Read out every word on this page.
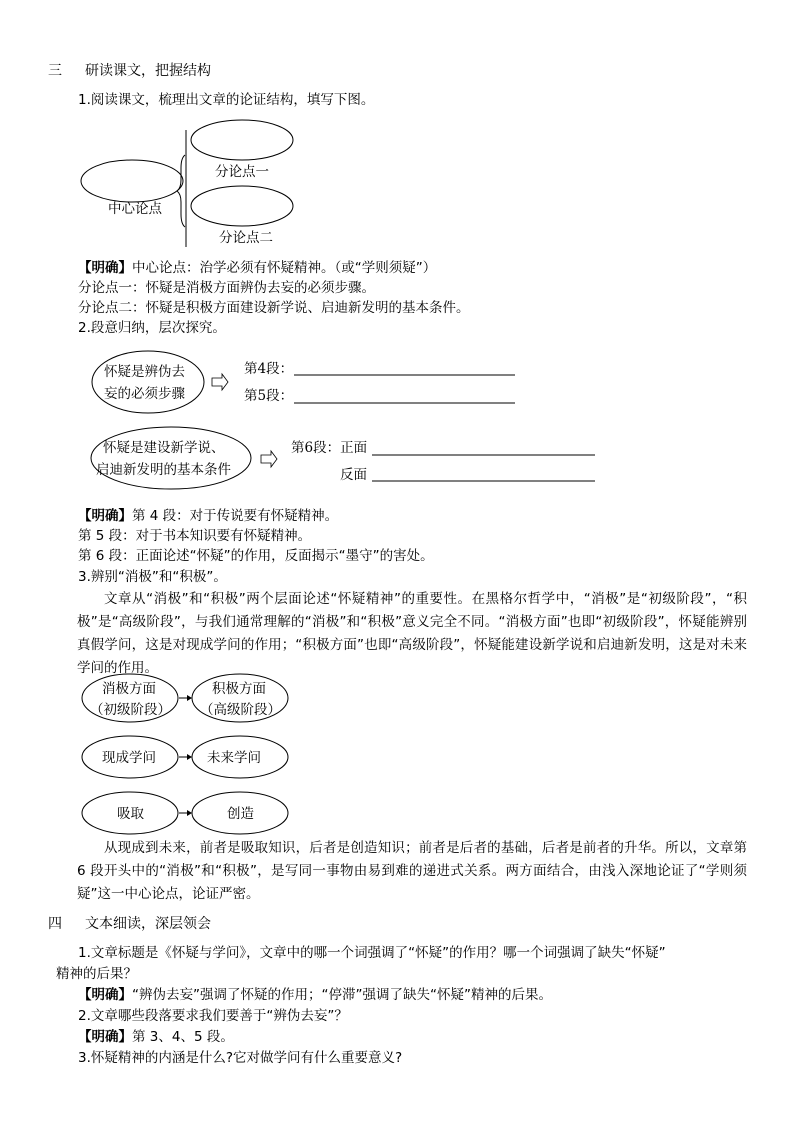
三 研读课文，把握结构
1.阅读课文，梳理出文章的论证结构，填写下图。
中心论点
分论点一
分论点二
【明确】中心论点：治学必须有怀疑精神。（或“学则须疑”）
分论点一：怀疑是消极方面辨伪去妄的必须步骤。
分论点二：怀疑是积极方面建设新学说、启迪新发明的基本条件。
2.段意归纳，层次探究。
怀疑是辨伪去
妄的必须步骤
第4段：
第5段：
怀疑是建设新学说、
启迪新发明的基本条件
第6段：正面
反面
【明确】第 4 段：对于传说要有怀疑精神。
第 5 段：对于书本知识要有怀疑精神。
第 6 段：正面论述“怀疑”的作用，反面揭示“墨守”的害处。
3.辨别“消极”和“积极”。
文章从“消极”和“积极”两个层面论述“怀疑精神”的重要性。在黑格尔哲学中，“消极”是“初级阶段”，“积极”是“高级阶段”，与我们通常理解的“消极”和“积极”意义完全不同。“消极方面”也即“初级阶段”，怀疑能辨别真假学问，这是对现成学问的作用；“积极方面”也即“高级阶段”，怀疑能建设新学说和启迪新发明，这是对未来学问的作用。
消极方面
（初级阶段）
积极方面
（高级阶段）
现成学问	未来学问
吸取	创造
从现成到未来，前者是吸取知识，后者是创造知识；前者是后者的基础，后者是前者的升华。所以，文章第 6 段开头中的“消极”和“积极”，是写同一事物由易到难的递进式关系。两方面结合，由浅入深地论证了“学则须疑”这一中心论点，论证严密。
四 文本细读，深层领会
1.文章标题是《怀疑与学问》，文章中的哪一个词强调了“怀疑”的作用？哪一个词强调了缺失“怀疑”
精神的后果？
【明确】“辨伪去妄”强调了怀疑的作用；“停滞”强调了缺失“怀疑”精神的后果。
2.文章哪些段落要求我们要善于“辨伪去妄”？
【明确】第 3、4、5 段。
3.怀疑精神的内涵是什么?它对做学问有什么重要意义?
